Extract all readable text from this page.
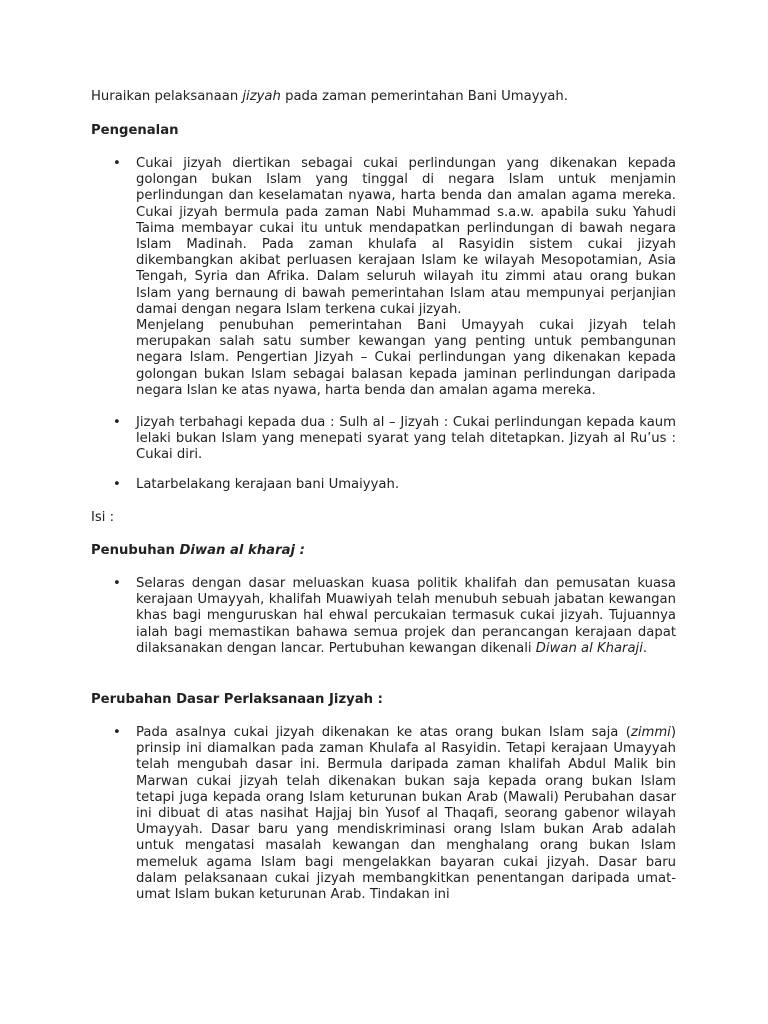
Huraikan pelaksanaan jizyah pada zaman pemerintahan Bani Umayyah.
Pengenalan
• Cukai jizyah diertikan sebagai cukai perlindungan yang dikenakan kepada golongan bukan Islam yang tinggal di negara Islam untuk menjamin perlindungan dan keselamatan nyawa, harta benda dan amalan agama mereka. Cukai jizyah bermula pada zaman Nabi Muhammad s.a.w. apabila suku Yahudi Taima membayar cukai itu untuk mendapatkan perlindungan di bawah negara Islam Madinah. Pada zaman khulafa al Rasyidin sistem cukai jizyah dikembangkan akibat perluasen kerajaan Islam ke wilayah Mesopotamian, Asia Tengah, Syria dan Afrika. Dalam seluruh wilayah itu zimmi atau orang bukan Islam yang bernaung di bawah pemerintahan Islam atau mempunyai perjanjian damai dengan negara Islam terkena cukai jizyah.

Menjelang penubuhan pemerintahan Bani Umayyah cukai jizyah telah merupakan salah satu sumber kewangan yang penting untuk pembangunan negara Islam. Pengertian Jizyah – Cukai perlindungan yang dikenakan kepada golongan bukan Islam sebagai balasan kepada jaminan perlindungan daripada negara Islan ke atas nyawa, harta benda dan amalan agama mereka.

• Jizyah terbahagi kepada dua : Sulh al – Jizyah : Cukai perlindungan kepada kaum lelaki bukan Islam yang menepati syarat yang telah ditetapkan. Jizyah al Ru’us : Cukai diri.

• Latarbelakang kerajaan bani Umaiyyah.

Isi :
Penubuhan Diwan al kharaj :
• Selaras dengan dasar meluaskan kuasa politik khalifah dan pemusatan kuasa kerajaan Umayyah, khalifah Muawiyah telah menubuh sebuah jabatan kewangan khas bagi menguruskan hal ehwal percukaian termasuk cukai jizyah. Tujuannya ialah bagi memastikan bahawa semua projek dan perancangan kerajaan dapat dilaksanakan dengan lancar. Pertubuhan kewangan dikenali Diwan al Kharaji.

Perubahan Dasar Perlaksanaan Jizyah :
• Pada asalnya cukai jizyah dikenakan ke atas orang bukan Islam saja (zimmi) prinsip ini diamalkan pada zaman Khulafa al Rasyidin. Tetapi kerajaan Umayyah telah mengubah dasar ini. Bermula daripada zaman khalifah Abdul Malik bin Marwan cukai jizyah telah dikenakan bukan saja kepada orang bukan Islam tetapi juga kepada orang Islam keturunan bukan Arab (Mawali) Perubahan dasar ini dibuat di atas nasihat Hajjaj bin Yusof al Thaqafi, seorang gabenor wilayah Umayyah. Dasar baru yang mendiskriminasi orang Islam bukan Arab adalah untuk mengatasi masalah kewangan dan menghalang orang bukan Islam memeluk agama Islam bagi mengelakkan bayaran cukai jizyah. Dasar baru dalam pelaksanaan cukai jizyah membangkitkan penentangan daripada umat-umat Islam bukan keturunan Arab. Tindakan ini
